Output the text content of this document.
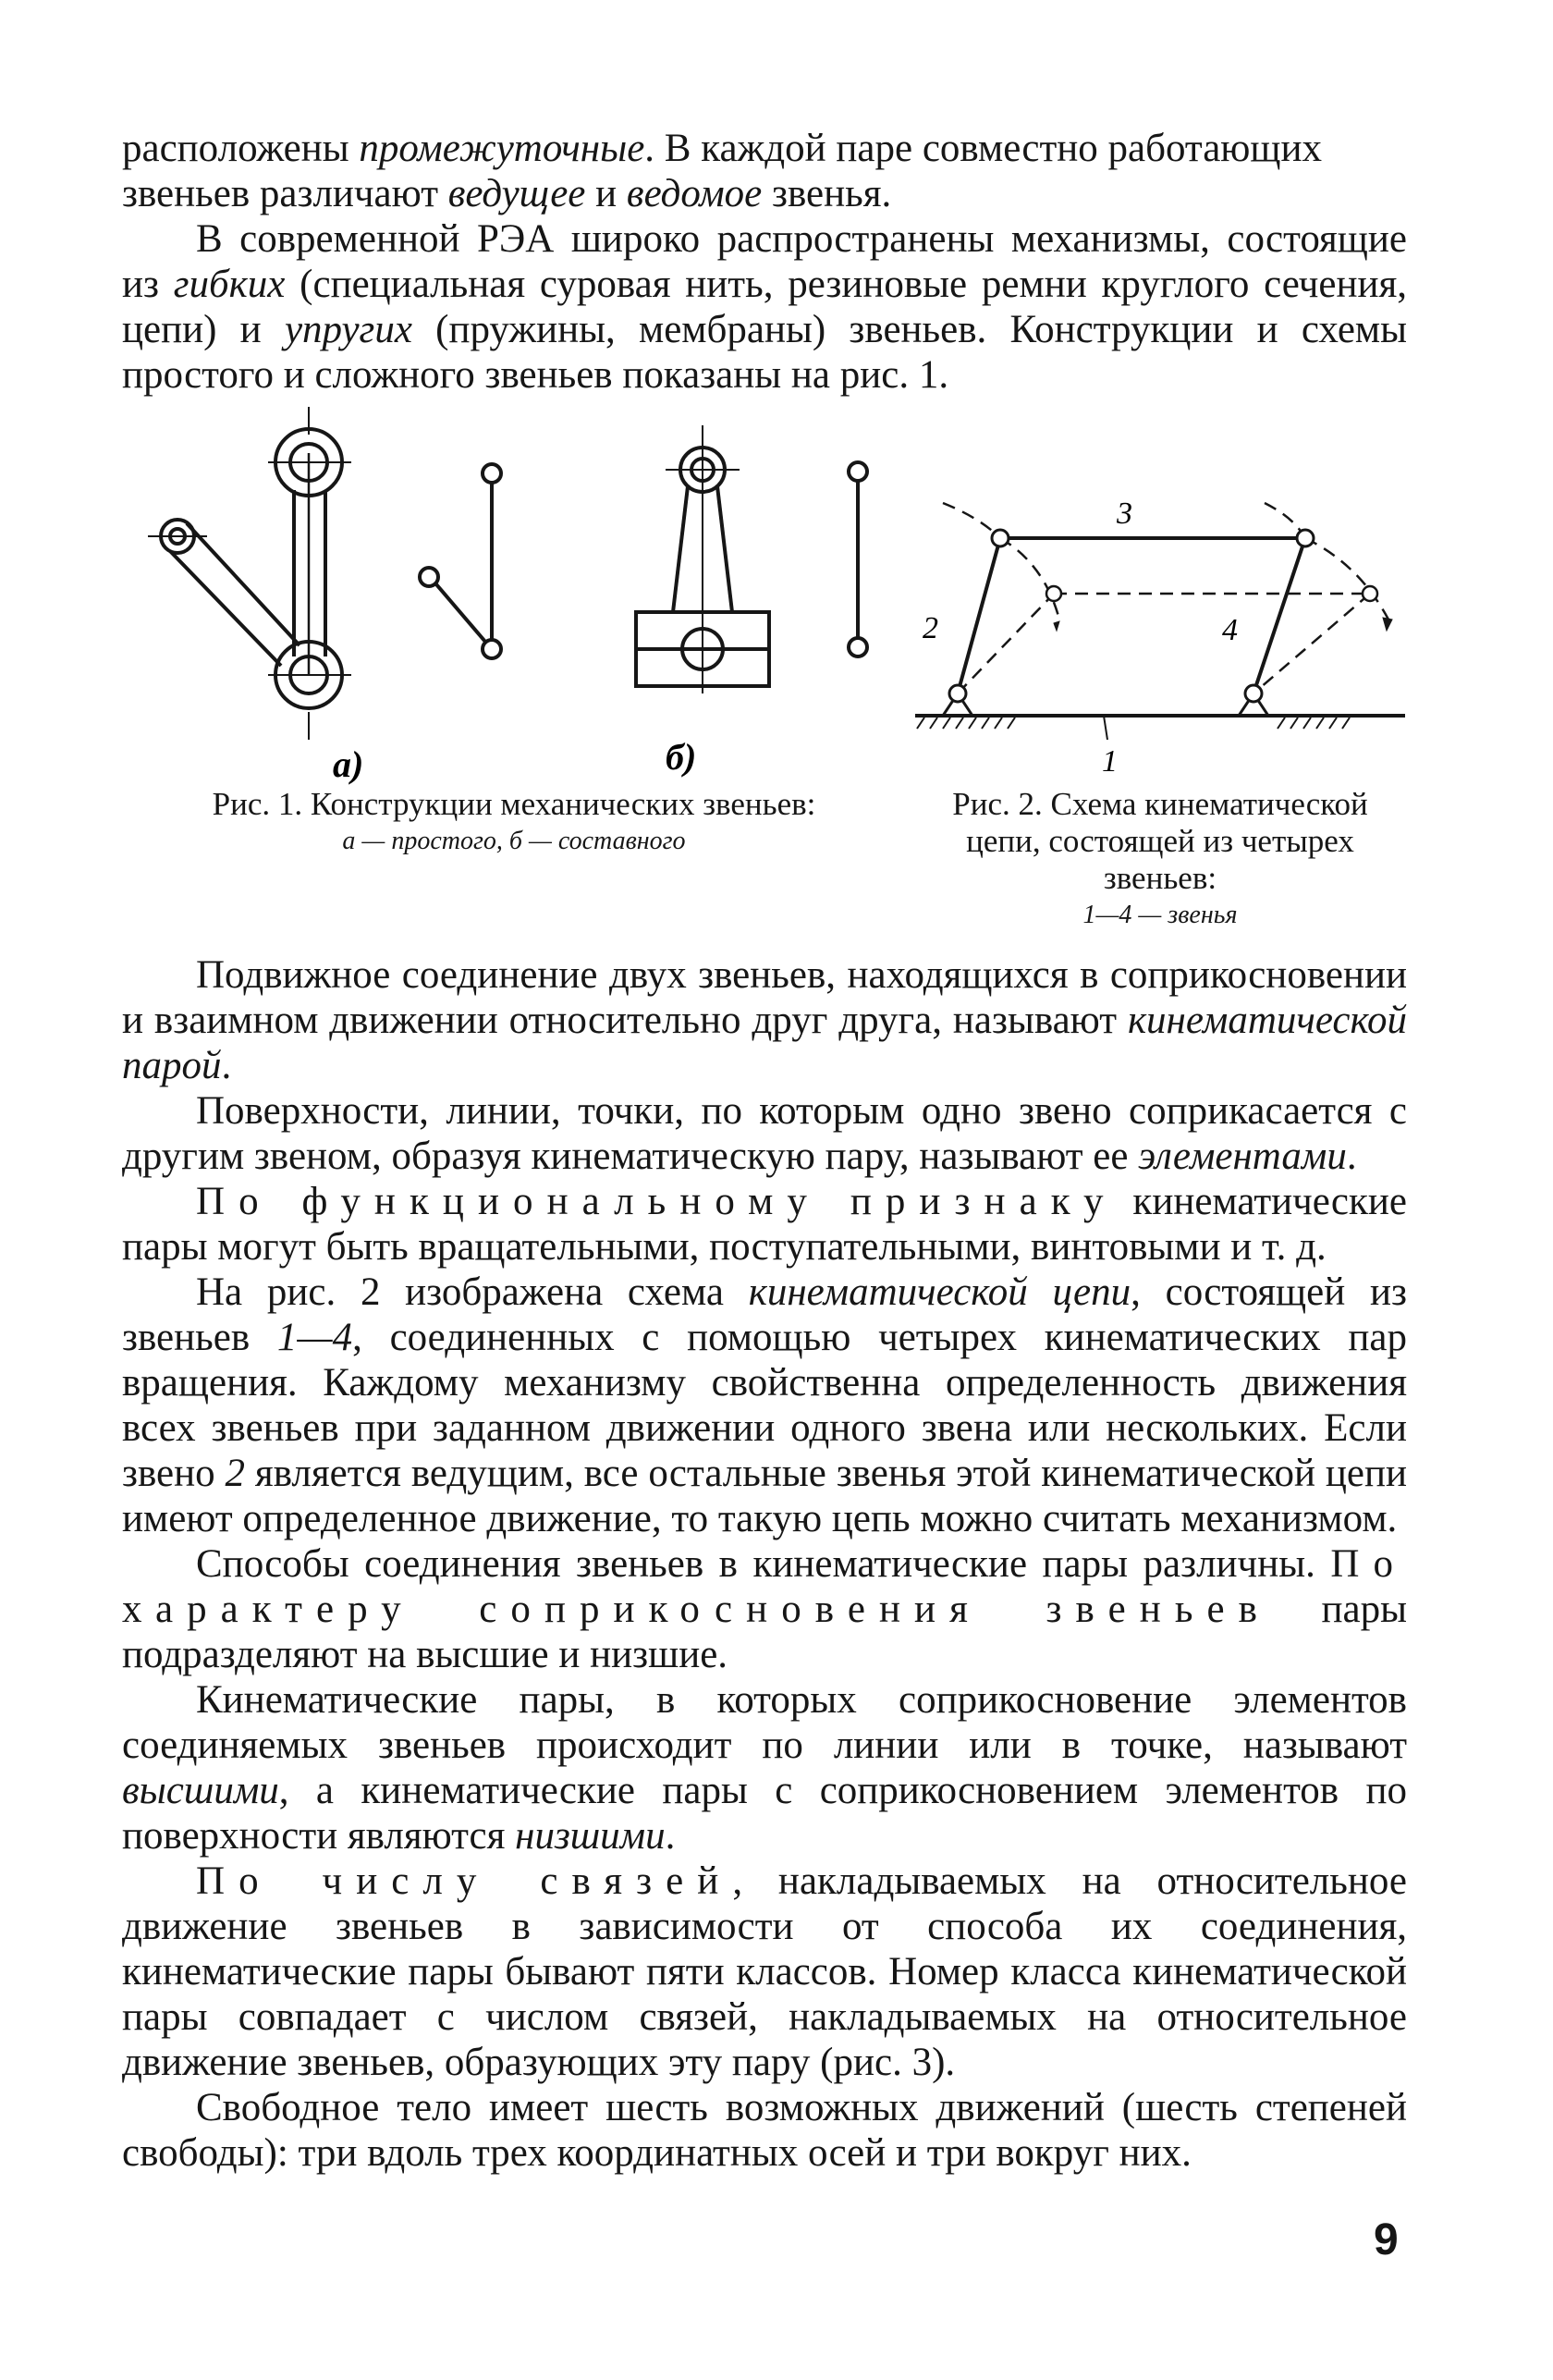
расположены промежуточные. В каждой паре совместно работающих

звеньев различают ведущее и ведомое звенья.

В современной РЭА широко распространены механизмы, состоящие из гибких (специальная суровая нить, резиновые ремни круглого сечения, цепи) и упругих (пружины, мембраны) звеньев. Конструкции и схемы простого и сложного звеньев показаны на рис. 1.

а)	б)
3
2	4
1
Рис. 1. Конструкции механических звеньев:
а — простого, б — составного
Рис. 2. Схема кинематической
цепи, состоящей из четырех
звеньев:
1—4 — звенья

Подвижное соединение двух звеньев, находящихся в соприкосновении и взаимном движении относительно друг друга, называют кинематической парой.

Поверхности, линии, точки, по которым одно звено соприкасается с другим звеном, образуя кинематическую пару, называют ее элементами.

По функциональному признаку кинематические пары могут быть вращательными, поступательными, винтовыми и т. д.

На рис. 2 изображена схема кинематической цепи, состоящей из звеньев 1—4, соединенных с помощью четырех кинематических пар вращения. Каждому механизму свойственна определенность движения всех звеньев при заданном движении одного звена или нескольких. Если звено 2 является ведущим, все остальные звенья этой кинематической цепи имеют определенное движение, то такую цепь можно считать механизмом.

Способы соединения звеньев в кинематические пары различны. По характеру соприкосновения звеньев пары подразделяют на высшие и низшие.

Кинематические пары, в которых соприкосновение элементов соединяемых звеньев происходит по линии или в точке, называют высшими, а кинематические пары с соприкосновением элементов по поверхности являются низшими.

По числу связей, накладываемых на относительное движение звеньев в зависимости от способа их соединения, кинематические пары бывают пяти классов. Номер класса кинематической пары совпадает с числом связей, накладываемых на относительное движение звеньев, образующих эту пару (рис. 3).

Свободное тело имеет шесть возможных движений (шесть степеней свободы): три вдоль трех координатных осей и три вокруг них.

9
